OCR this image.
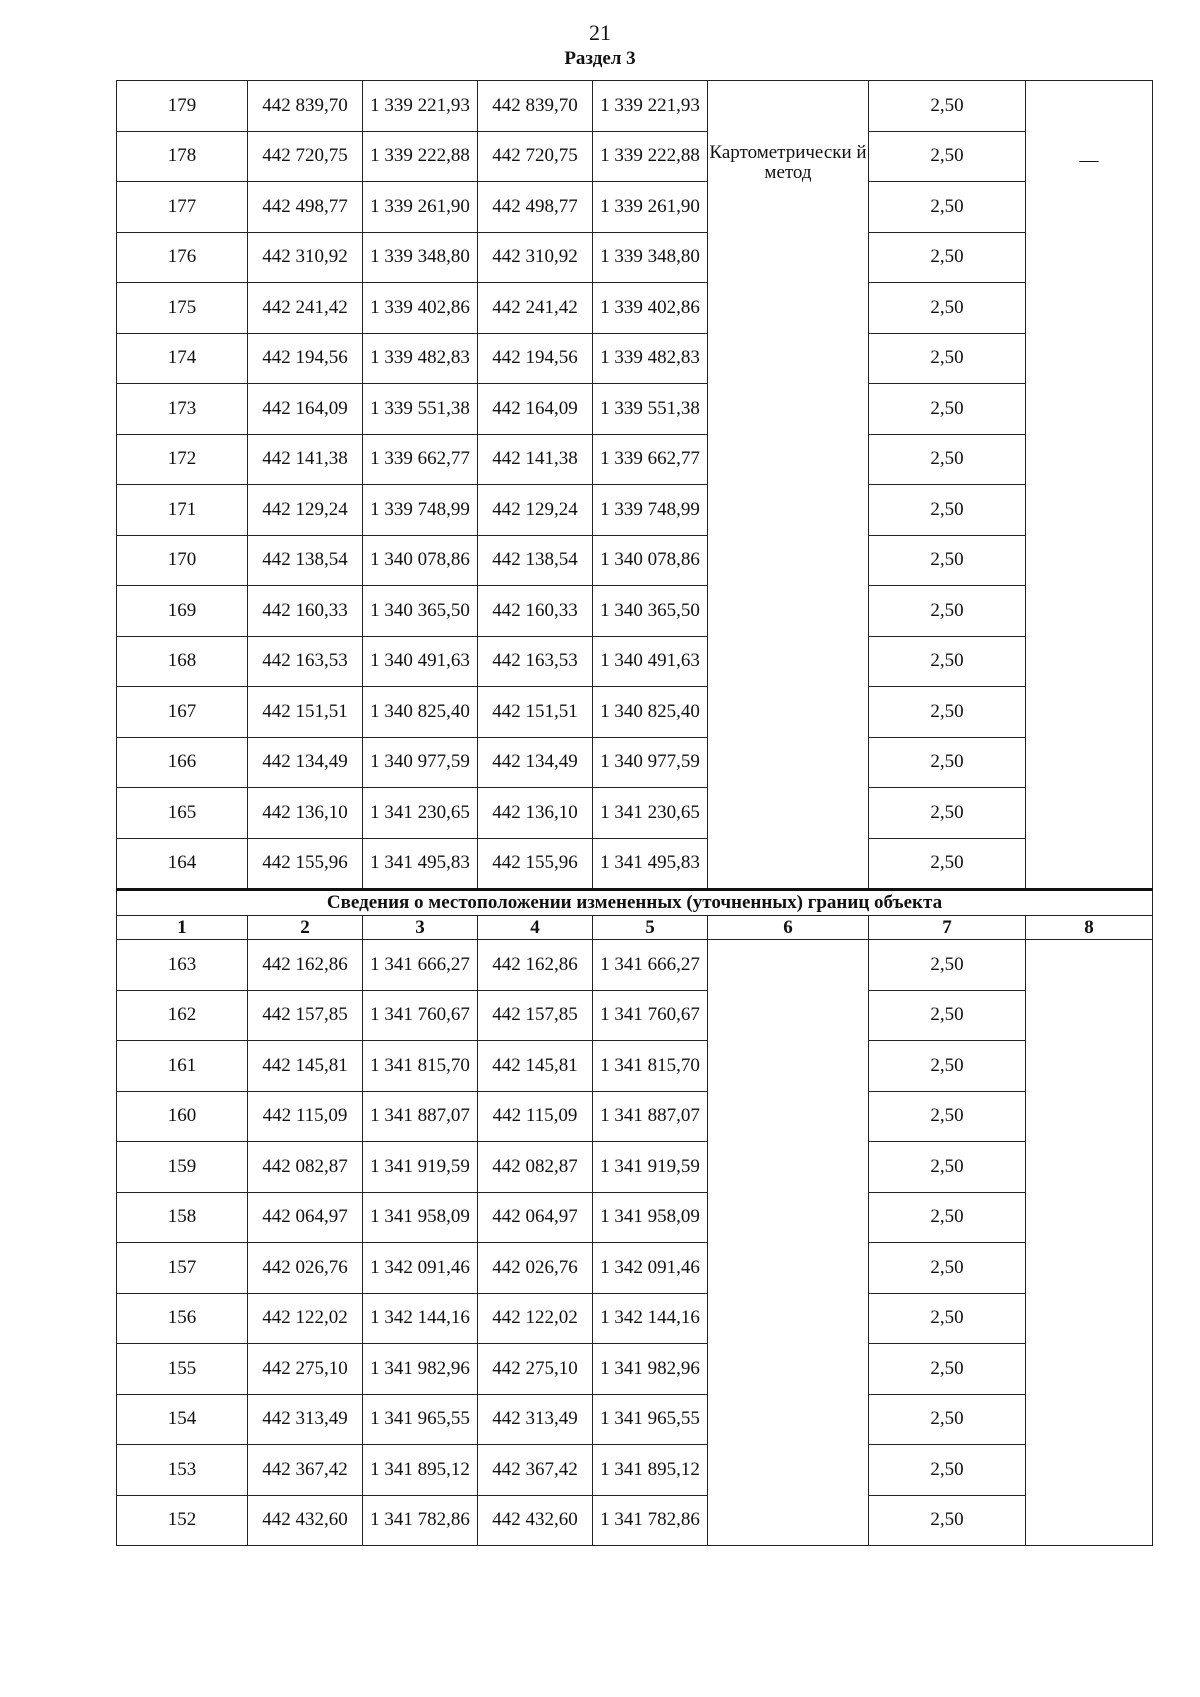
21
Раздел 3
179	442 839,70	1 339 221,93	442 839,70	1 339 221,93	Картометрически й метод	2,50	—
178	442 720,75	1 339 222,88	442 720,75	1 339 222,88		2,50	
177	442 498,77	1 339 261,90	442 498,77	1 339 261,90		2,50	
176	442 310,92	1 339 348,80	442 310,92	1 339 348,80		2,50	
175	442 241,42	1 339 402,86	442 241,42	1 339 402,86		2,50	
174	442 194,56	1 339 482,83	442 194,56	1 339 482,83		2,50	
173	442 164,09	1 339 551,38	442 164,09	1 339 551,38		2,50	
172	442 141,38	1 339 662,77	442 141,38	1 339 662,77		2,50	
171	442 129,24	1 339 748,99	442 129,24	1 339 748,99		2,50	
170	442 138,54	1 340 078,86	442 138,54	1 340 078,86		2,50	
169	442 160,33	1 340 365,50	442 160,33	1 340 365,50		2,50	
168	442 163,53	1 340 491,63	442 163,53	1 340 491,63		2,50	
167	442 151,51	1 340 825,40	442 151,51	1 340 825,40		2,50	
166	442 134,49	1 340 977,59	442 134,49	1 340 977,59		2,50	
165	442 136,10	1 341 230,65	442 136,10	1 341 230,65		2,50	
164	442 155,96	1 341 495,83	442 155,96	1 341 495,83		2,50	
Сведения о местоположении измененных (уточненных) границ объекта							
1	2	3	4	5	6	7	8
163	442 162,86	1 341 666,27	442 162,86	1 341 666,27		2,50	
162	442 157,85	1 341 760,67	442 157,85	1 341 760,67		2,50	
161	442 145,81	1 341 815,70	442 145,81	1 341 815,70		2,50	
160	442 115,09	1 341 887,07	442 115,09	1 341 887,07		2,50	
159	442 082,87	1 341 919,59	442 082,87	1 341 919,59		2,50	
158	442 064,97	1 341 958,09	442 064,97	1 341 958,09		2,50	
157	442 026,76	1 342 091,46	442 026,76	1 342 091,46		2,50	
156	442 122,02	1 342 144,16	442 122,02	1 342 144,16		2,50	
155	442 275,10	1 341 982,96	442 275,10	1 341 982,96		2,50	
154	442 313,49	1 341 965,55	442 313,49	1 341 965,55		2,50	
153	442 367,42	1 341 895,12	442 367,42	1 341 895,12		2,50	
152	442 432,60	1 341 782,86	442 432,60	1 341 782,86		2,50	
